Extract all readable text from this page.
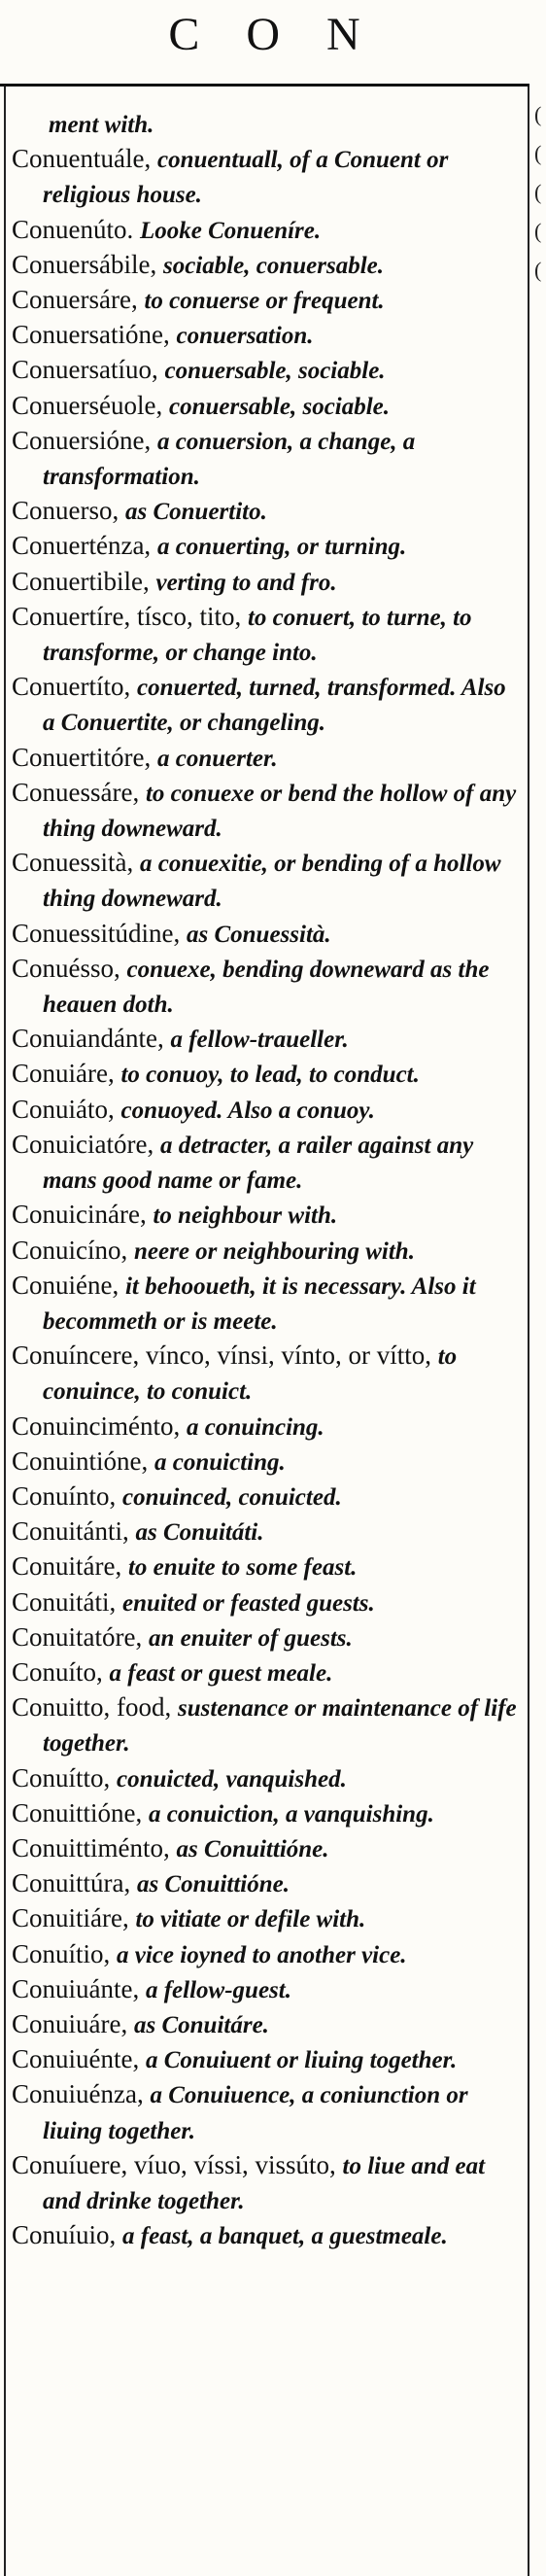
C O N
(
(
(
(
(

ment with.

Conuentuále, conuentuall, of a Conuent or religious house.

Conuenúto. Looke Conueníre.

Conuersábile, sociable, conuersable.

Conuersáre, to conuerse or frequent.

Conuersatióne, conuersation.

Conuersatíuo, conuersable, sociable.

Conuerséuole, conuersable, sociable.

Conuersióne, a conuersion, a change, a transformation.

Conuerso, as Conuertito.

Conuerténza, a conuerting, or turning.

Conuertibile, verting to and fro.

Conuertíre, tísco, tito, to conuert, to turne, to transforme, or change into.

Conuertíto, conuerted, turned, transformed. Also a Conuertite, or changeling.

Conuertitóre, a conuerter.

Conuessáre, to conuexe or bend the hollow of any thing downeward.

Conuessità, a conuexitie, or bending of a hollow thing downeward.

Conuessitúdine, as Conuessità.

Conuésso, conuexe, bending downeward as the heauen doth.

Conuiandánte, a fellow-traueller.

Conuiáre, to conuoy, to lead, to conduct.

Conuiáto, conuoyed. Also a conuoy.

Conuiciatóre, a detracter, a railer against any mans good name or fame.

Conuicináre, to neighbour with.

Conuicíno, neere or neighbouring with.

Conuiéne, it behooueth, it is necessary. Also it becommeth or is meete.

Conuíncere, vínco, vínsi, vínto, or vítto, to conuince, to conuict.

Conuinciménto, a conuincing.

Conuintióne, a conuicting.

Conuínto, conuinced, conuicted.

Conuitánti, as Conuitáti.

Conuitáre, to enuite to some feast.

Conuitáti, enuited or feasted guests.

Conuitatóre, an enuiter of guests.

Conuíto, a feast or guest meale.

Conuitto, food, sustenance or maintenance of life together.

Conuítto, conuicted, vanquished.

Conuittióne, a conuiction, a vanquishing.

Conuittiménto, as Conuittióne.

Conuittúra, as Conuittióne.

Conuitiáre, to vitiate or defile with.

Conuítio, a vice ioyned to another vice.

Conuiuánte, a fellow-guest.

Conuiuáre, as Conuitáre.

Conuiuénte, a Conuiuent or liuing together.

Conuiuénza, a Conuiuence, a coniunction or liuing together.

Conuíuere, víuo, víssi, vissúto, to liue and eat and drinke together.

Conuíuio, a feast, a banquet, a guestmeale.
